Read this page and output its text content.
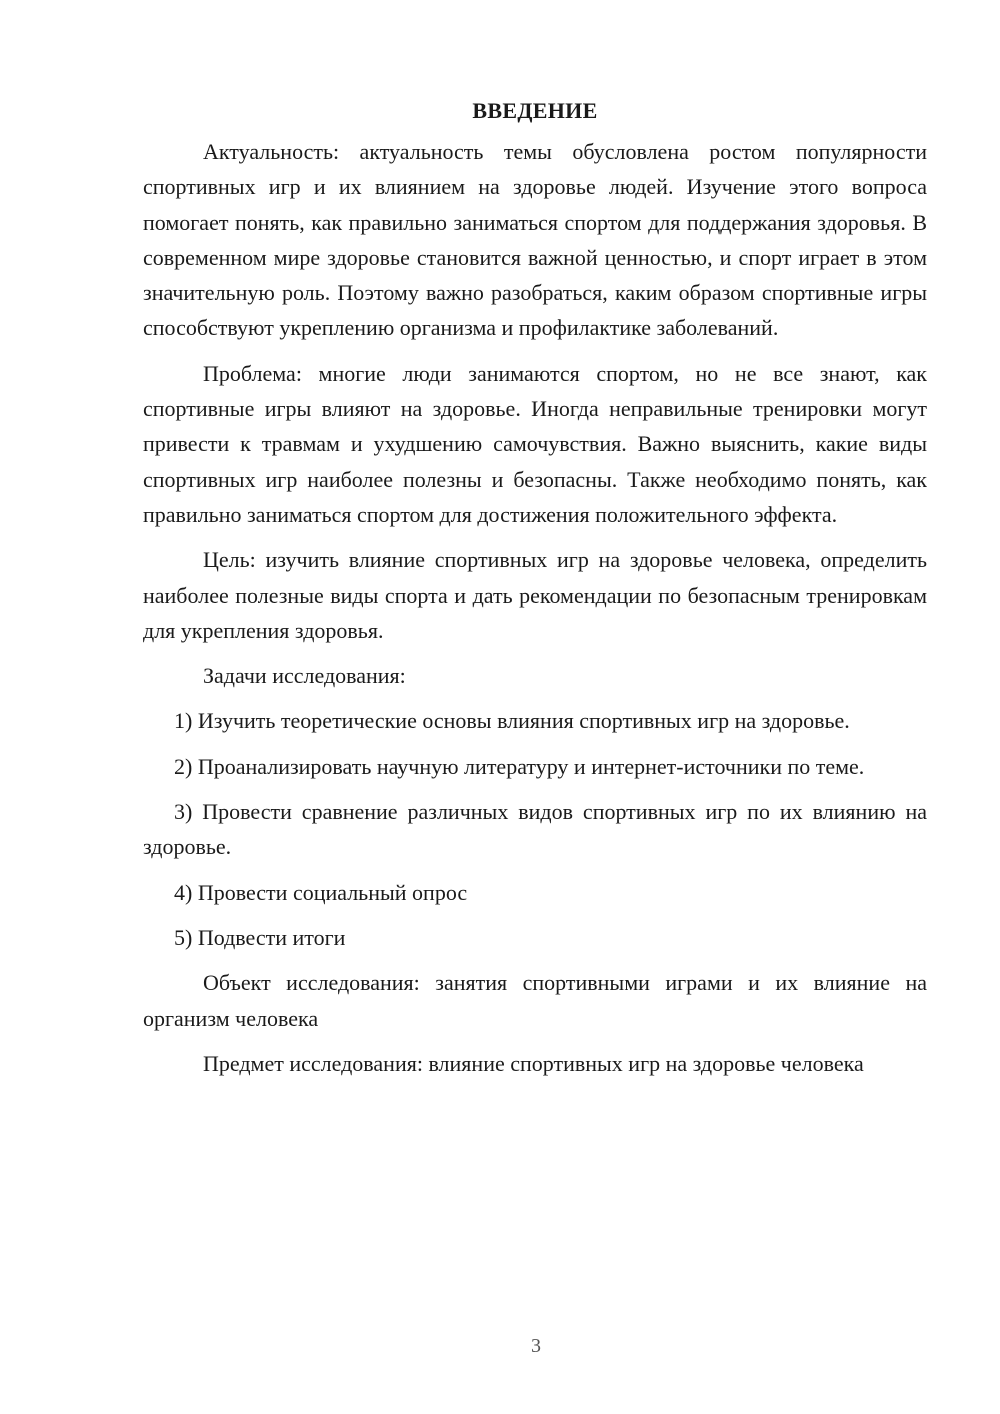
ВВЕДЕНИЕ

Актуальность: актуальность темы обусловлена ростом популярности спортивных игр и их влиянием на здоровье людей. Изучение этого вопроса помогает понять, как правильно заниматься спортом для поддержания здоровья. В современном мире здоровье становится важной ценностью, и спорт играет в этом значительную роль. Поэтому важно разобраться, каким образом спортивные игры способствуют укреплению организма и профилактике заболеваний.

Проблема: многие люди занимаются спортом, но не все знают, как спортивные игры влияют на здоровье. Иногда неправильные тренировки могут привести к травмам и ухудшению самочувствия. Важно выяснить, какие виды спортивных игр наиболее полезны и безопасны. Также необходимо понять, как правильно заниматься спортом для достижения положительного эффекта.

Цель: изучить влияние спортивных игр на здоровье человека, определить наиболее полезные виды спорта и дать рекомендации по безопасным тренировкам для укрепления здоровья.

Задачи исследования:

1) Изучить теоретические основы влияния спортивных игр на здоровье.

2) Проанализировать научную литературу и интернет-источники по теме.

3) Провести сравнение различных видов спортивных игр по их влиянию на здоровье.

4) Провести социальный опрос

5) Подвести итоги

Объект исследования: занятия спортивными играми и их влияние на организм человека

Предмет исследования: влияние спортивных игр на здоровье человека

3
